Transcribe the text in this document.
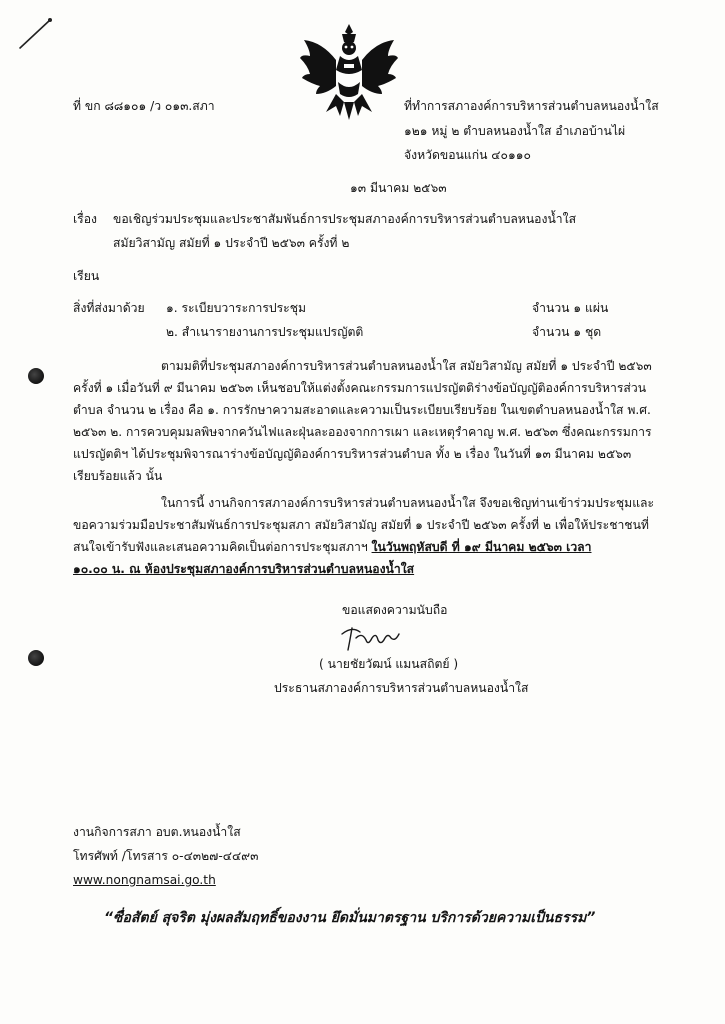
ที่ ขก ๘๘๑๐๑ /ว ๐๑๓.สภา	ที่ทำการสภาองค์การบริหารส่วนตำบลหนองน้ำใส
๑๒๑ หมู่ ๒ ตำบลหนองน้ำใส อำเภอบ้านไผ่
จังหวัดขอนแก่น ๔๐๑๑๐
๑๓ มีนาคม ๒๕๖๓
เรื่อง ขอเชิญร่วมประชุมและประชาสัมพันธ์การประชุมสภาองค์การบริหารส่วนตำบลหนองน้ำใส
สมัยวิสามัญ สมัยที่ ๑ ประจำปี ๒๕๖๓ ครั้งที่ ๒
เรียน
สิ่งที่ส่งมาด้วย ๑. ระเบียบวาระการประชุม	จำนวน ๑ แผ่น
๒. สำเนารายงานการประชุมแปรญัตติ	จำนวน ๑ ชุด
ตามมติที่ประชุมสภาองค์การบริหารส่วนตำบลหนองน้ำใส สมัยวิสามัญ สมัยที่ ๑ ประจำปี ๒๕๖๓
ครั้งที่ ๑ เมื่อวันที่ ๙ มีนาคม ๒๕๖๓ เห็นชอบให้แต่งตั้งคณะกรรมการแปรญัตติร่างข้อบัญญัติองค์การบริหารส่วน
ตำบล จำนวน ๒ เรื่อง คือ ๑. การรักษาความสะอาดและความเป็นระเบียบเรียบร้อย ในเขตตำบลหนองน้ำใส พ.ศ.
๒๕๖๓ ๒. การควบคุมมลพิษจากควันไฟและฝุ่นละอองจากการเผา และเหตุรำคาญ พ.ศ. ๒๕๖๓ ซึ่งคณะกรรมการ
แปรญัตติฯ ได้ประชุมพิจารณาร่างข้อบัญญัติองค์การบริหารส่วนตำบล ทั้ง ๒ เรื่อง ในวันที่ ๑๓ มีนาคม ๒๕๖๓
เรียบร้อยแล้ว นั้น
ในการนี้ งานกิจการสภาองค์การบริหารส่วนตำบลหนองน้ำใส จึงขอเชิญท่านเข้าร่วมประชุมและ
ขอความร่วมมือประชาสัมพันธ์การประชุมสภา สมัยวิสามัญ สมัยที่ ๑ ประจำปี ๒๕๖๓ ครั้งที่ ๒ เพื่อให้ประชาชนที่
สนใจเข้ารับฟังและเสนอความคิดเป็นต่อการประชุมสภาฯ ในวันพฤหัสบดี ที่ ๑๙ มีนาคม ๒๕๖๓ เวลา
๑๐.๐๐ น. ณ ห้องประชุมสภาองค์การบริหารส่วนตำบลหนองน้ำใส
ขอแสดงความนับถือ
( นายชัยวัฒน์ แมนสถิตย์ )
ประธานสภาองค์การบริหารส่วนตำบลหนองน้ำใส
งานกิจการสภา อบต.หนองน้ำใส
โทรศัพท์ /โทรสาร ๐-๔๓๒๗-๔๔๙๓
www.nongnamsai.go.th
“ซื่อสัตย์ สุจริต มุ่งผลสัมฤทธิ์ของงาน ยึดมั่นมาตรฐาน บริการด้วยความเป็นธรรม”
